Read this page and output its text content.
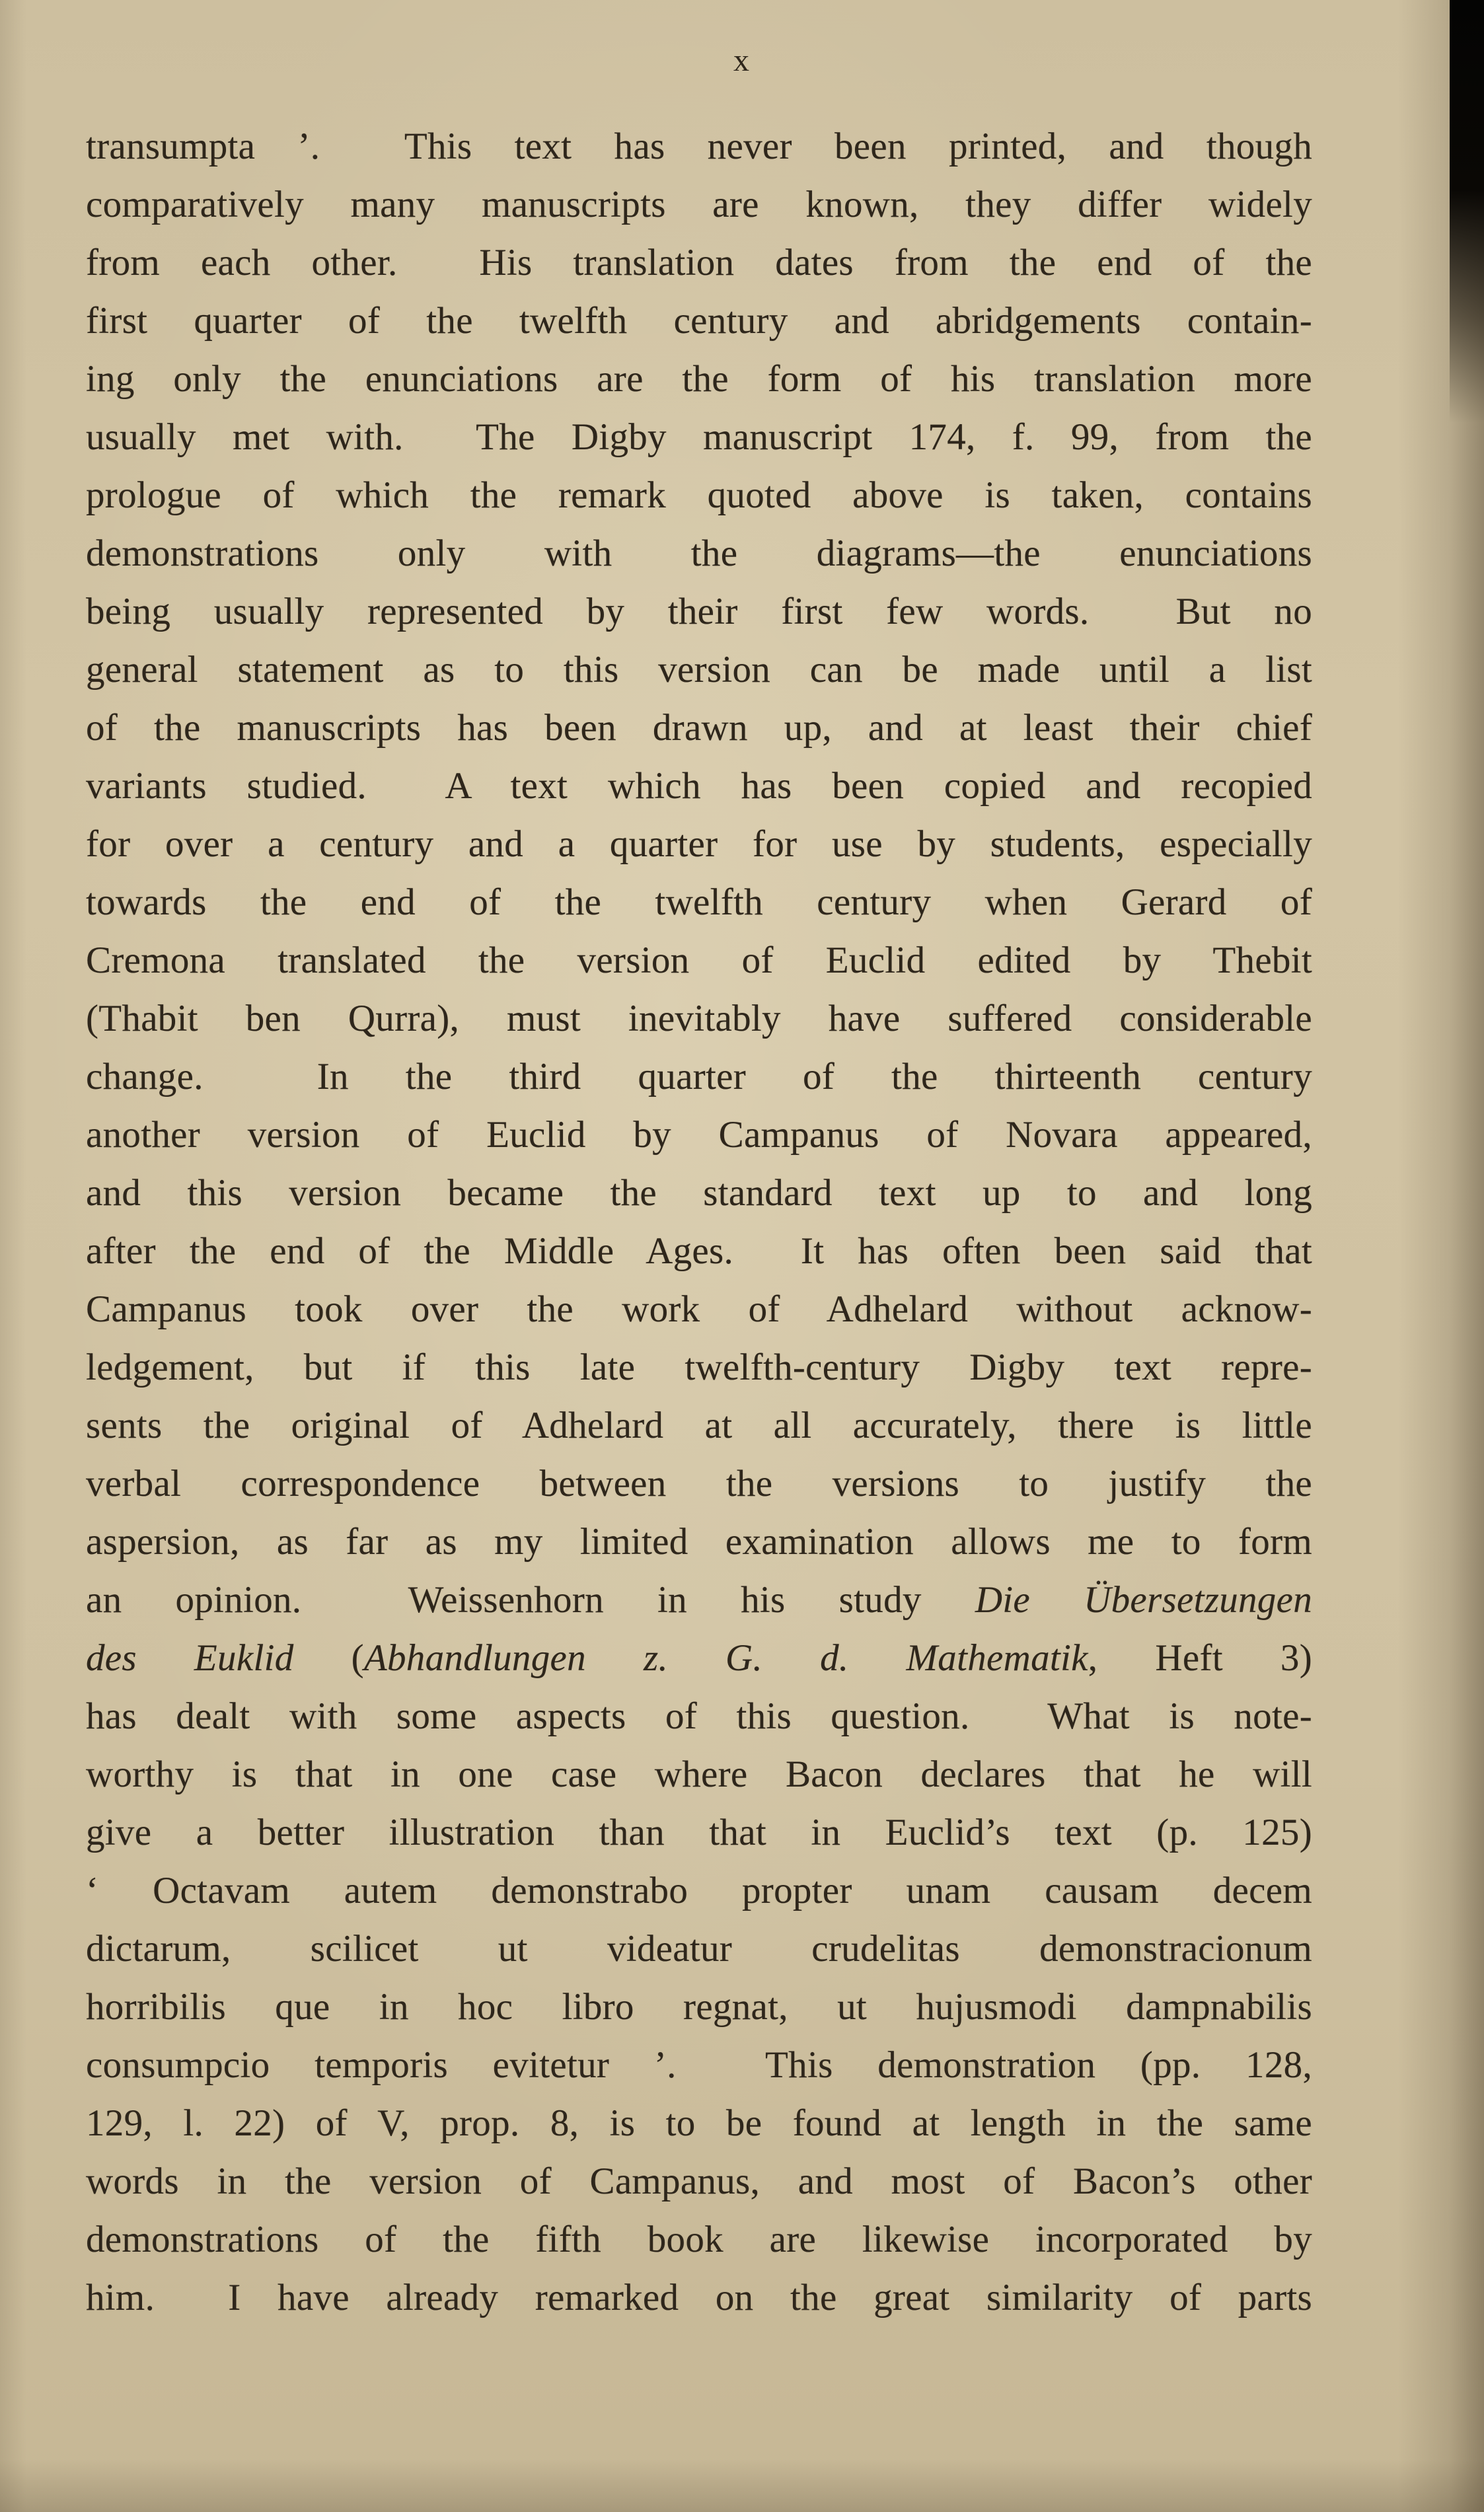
x
transumpta ’.  This text has never been printed, and though
comparatively many manuscripts are known, they differ widely
from each other.  His translation dates from the end of the
first quarter of the twelfth century and abridgements contain-
ing only the enunciations are the form of his translation more
usually met with.  The Digby manuscript 174, f. 99, from the
prologue of which the remark quoted above is taken, contains
demonstrations only with the diagrams—the enunciations
being usually represented by their first few words.  But no
general statement as to this version can be made until a list
of the manuscripts has been drawn up, and at least their chief
variants studied.  A text which has been copied and recopied
for over a century and a quarter for use by students, especially
towards the end of the twelfth century when Gerard of
Cremona translated the version of Euclid edited by Thebit
(Thabit ben Qurra), must inevitably have suffered considerable
change.  In the third quarter of the thirteenth century
another version of Euclid by Campanus of Novara appeared,
and this version became the standard text up to and long
after the end of the Middle Ages.  It has often been said that
Campanus took over the work of Adhelard without acknow-
ledgement, but if this late twelfth-century Digby text repre-
sents the original of Adhelard at all accurately, there is little
verbal correspondence between the versions to justify the
aspersion, as far as my limited examination allows me to form
an opinion.  Weissenhorn in his study Die Übersetzungen
des Euklid (Abhandlungen z. G. d. Mathematik, Heft 3)
has dealt with some aspects of this question.  What is note-
worthy is that in one case where Bacon declares that he will
give a better illustration than that in Euclid’s text (p. 125)
‘ Octavam autem demonstrabo propter unam causam decem
dictarum, scilicet ut videatur crudelitas demonstracionum
horribilis que in hoc libro regnat, ut hujusmodi dampnabilis
consumpcio temporis evitetur ’.  This demonstration (pp. 128,
129, l. 22) of V, prop. 8, is to be found at length in the same
words in the version of Campanus, and most of Bacon’s other
demonstrations of the fifth book are likewise incorporated by
him.  I have already remarked on the great similarity of parts
